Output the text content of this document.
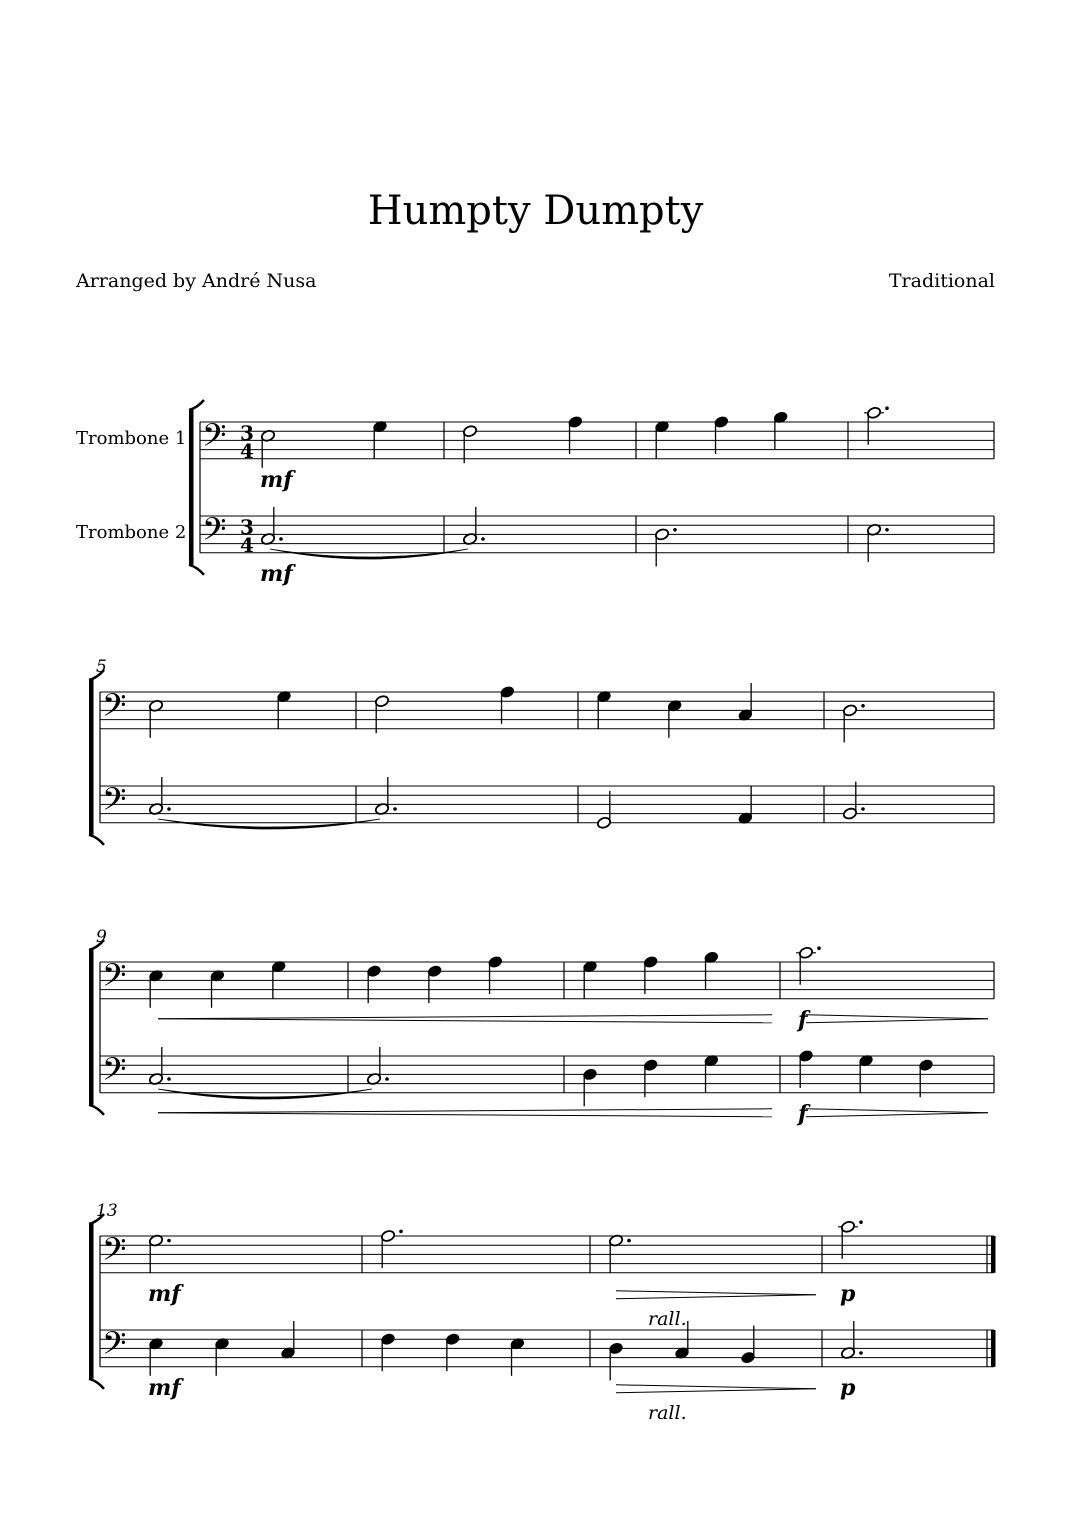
Humpty Dumpty
Arranged by André Nusa	Traditional
Trombone 1
Trombone 2
𝄢 3
4
𝄢 3
4
mf
mf
5
𝄢
𝄢
9
𝄢
𝄢
f
f
13
𝄢
𝄢
mf
mf
p
p
rall.
rall.
